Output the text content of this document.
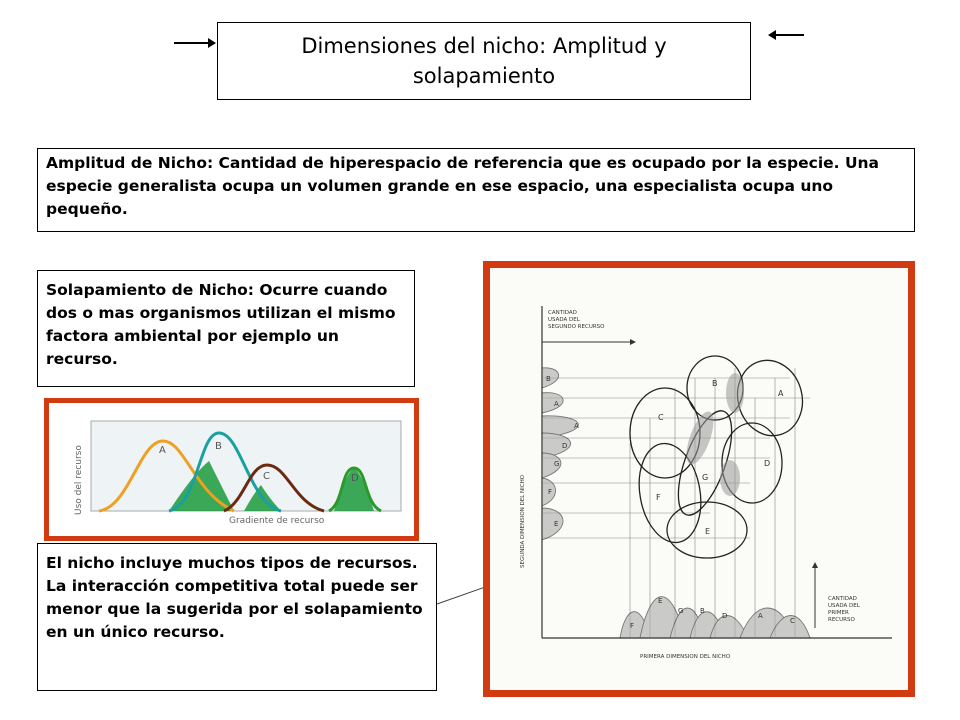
Dimensiones del nicho: Amplitud y
solapamiento
Amplitud de Nicho: Cantidad de hiperespacio de referencia que es ocupado por la especie. Una especie generalista ocupa un volumen grande en ese espacio, una especialista ocupa uno pequeño.
Solapamiento de Nicho: Ocurre cuando dos o mas organismos utilizan el mismo factora ambiental por ejemplo un recurso.
El nicho incluye muchos tipos de recursos. La interacción competitiva total puede ser menor que la sugerida por el solapamiento en un único recurso.
A	B
C	D
Gradiente de recurso
Uso del recurso
B
A
D
F
G
E
C
B
A
A
D
G
F
E
F
E
G B
D	A
C
CANTIDAD
USADA DEL
SEGUNDO RECURSO
SEGUNDA DIMENSION DEL NICHO
CANTIDAD
USADA DEL
PRIMER
RECURSO
PRIMERA DIMENSION DEL NICHO
